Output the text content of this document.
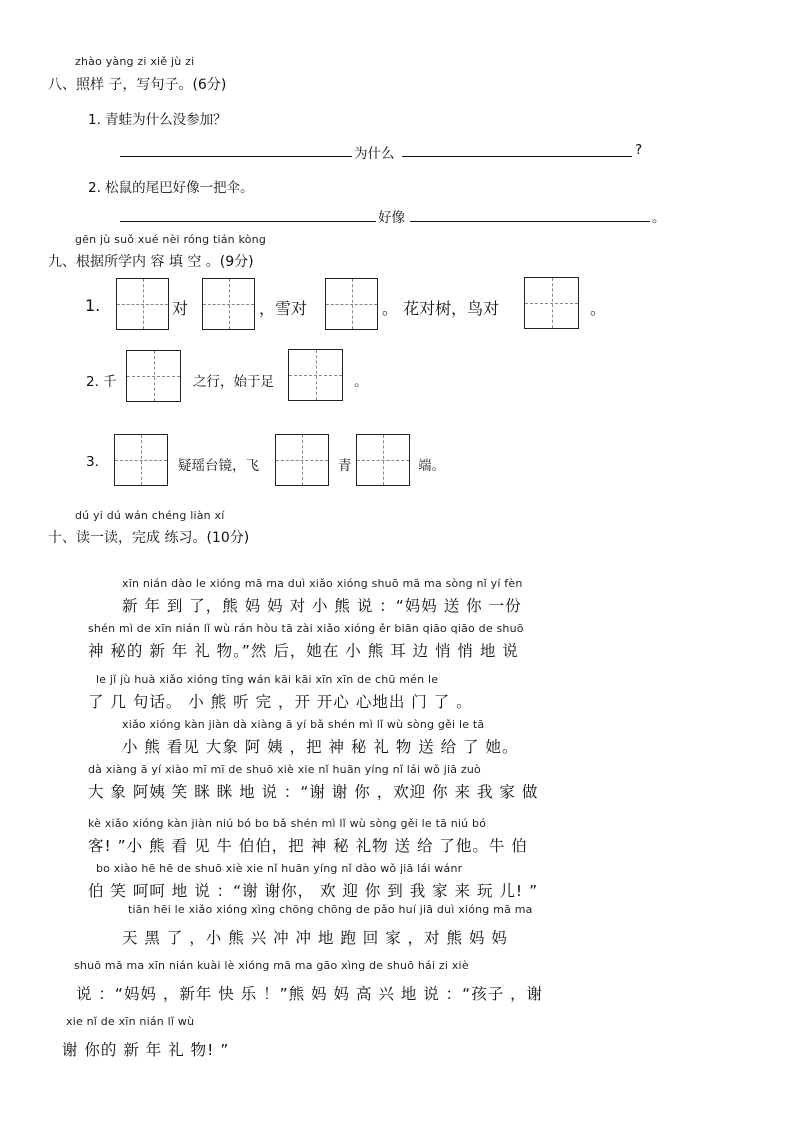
zhào yàng zi xiě jù zi
八、照样 子，写句子。(6分)
1. 青蛙为什么没参加？
为什么	?
2. 松鼠的尾巴好像一把伞。
好像	。
gēn jù suǒ xué nèi róng tián kòng
九、根据所学内 容 填 空 。(9分)
1.	对	，雪对	。 花对树，鸟对	。
2. 千	之行，始于足	。
3.	疑瑶台镜，飞	青	端。
dú yi dú wán chéng liàn xí
十、读一读，完成 练习。(10分)
xīn nián dào le xióng mā ma duì xiǎo xióng shuō mā ma sòng nǐ yí fèn
新 年 到 了，熊 妈 妈 对 小 熊 说 ：“妈妈 送 你 一份
shén mì de xīn nián lǐ wù rán hòu tā zài xiǎo xióng ěr biān qiāo qiāo de shuō
神 秘的 新 年 礼 物。”然 后，她在 小 熊 耳 边 悄 悄 地 说
le jǐ jù huà xiǎo xióng tīng wán kāi kāi xīn xīn de chū mén le
了 几 句话。 小 熊 听 完 ，开 开心 心地出 门 了 。
xiǎo xióng kàn jiàn dà xiàng ā yí bǎ shén mì lǐ wù sòng gěi le tā
小 熊 看见 大象 阿 姨 ，把 神 秘 礼 物 送 给 了 她。
dà xiàng ā yí xiào mī mī de shuō xiè xie nǐ huān yíng nǐ lái wǒ jiā zuò
大 象 阿姨 笑 眯 眯 地 说 ：“谢 谢 你 ，欢迎 你 来 我 家 做
kè xiǎo xióng kàn jiàn niú bó bo bǎ shén mì lǐ wù sòng gěi le tā niú bó
客! ”小 熊 看 见 牛 伯伯，把 神 秘 礼物 送 给 了他。牛 伯
bo xiào hē hē de shuō xiè xie nǐ huān yíng nǐ dào wǒ jiā lái wánr
伯 笑 呵呵 地 说 ：“谢 谢你， 欢 迎 你 到 我 家 来 玩 儿! ”
tiān hēi le xiǎo xióng xìng chōng chōng de pǎo huí jiā duì xióng mā ma
天 黑 了 ，小 熊 兴 冲 冲 地 跑 回 家 ，对 熊 妈 妈
shuō mā ma xīn nián kuài lè xióng mā ma gāo xìng de shuō hái zi xiè
说 ：“妈妈 ，新年 快 乐 ！”熊 妈 妈 高 兴 地 说 ：“孩子 ，谢
xie nǐ de xīn nián lǐ wù
谢 你的 新 年 礼 物! ”
